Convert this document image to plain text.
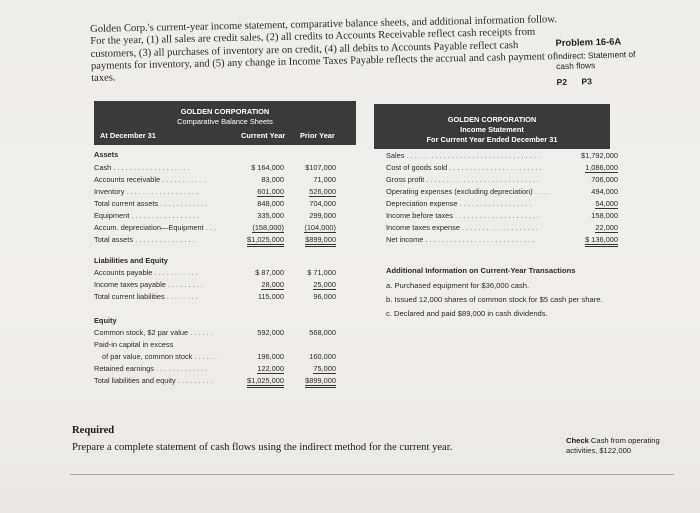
Golden Corp.'s current-year income statement, comparative balance sheets, and additional information follow. For the year, (1) all sales are credit sales, (2) all credits to Accounts Receivable reflect cash receipts from customers, (3) all purchases of inventory are on credit, (4) all debits to Accounts Payable reflect cash payments for inventory, and (5) any change in Income Taxes Payable reflects the accrual and cash payment of taxes.

Problem 16-6A
Indirect: Statement of cash flows
P2 P3
GOLDEN CORPORATION
Comparative Balance Sheets
At December 31	Current Year Prior Year
Assets
Cash . . . . . . . . . . . . . . . . . . .	$ 164,000	$107,000
Accounts receivable . . . . . . . . . . .	83,000	71,000
Inventory . . . . . . . . . . . . . . . . . .	601,000	526,000
Total current assets . . . . . . . . . . . .	848,000	704,000
Equipment . . . . . . . . . . . . . . . . .	335,000	299,000
Accum. depreciation—Equipment . . .	(158,000)	(104,000)
Total assets . . . . . . . . . . . . . . .	$1,025,000	$899,000
Liabilities and Equity
Accounts payable . . . . . . . . . . .	$ 87,000	$ 71,000
Income taxes payable . . . . . . . . .	28,000	25,000
Total current liabilities . . . . . . . .	115,000	96,000
Equity
Common stock, $2 par value . . . . . .	592,000	568,000
Paid-in capital in excess
of par value, common stock . . . . . .	196,000	160,000
Retained earnings . . . . . . . . . . . . .	122,000	75,000
Total liabilities and equity . . . . . . . . .	$1,025,000	$899,000
GOLDEN CORPORATION
Income Statement
For Current Year Ended December 31
Sales . . . . . . . . . . . . . . . . . . . . . . . . . . . . . . . . .	$1,792,000
Cost of goods sold . . . . . . . . . . . . . . . . . . . . . . .	1,086,000
Gross profit . . . . . . . . . . . . . . . . . . . . . . . . . . . .	706,000
Operating expenses (excluding depreciation) . . . .	494,000
Depreciation expense . . . . . . . . . . . . . . . . . .	54,000
Income before taxes . . . . . . . . . . . . . . . . . . . . .	158,000
Income taxes expense . . . . . . . . . . . . . . . . . . .	22,000
Net income . . . . . . . . . . . . . . . . . . . . . . . . . . .	$ 136,000
Additional Information on Current-Year Transactions
a. Purchased equipment for $36,000 cash.
b. Issued 12,000 shares of common stock for $5 cash per share.
c. Declared and paid $89,000 in cash dividends.
Required
Prepare a complete statement of cash flows using the indirect method for the current year.
Check Cash from operating activities, $122,000
